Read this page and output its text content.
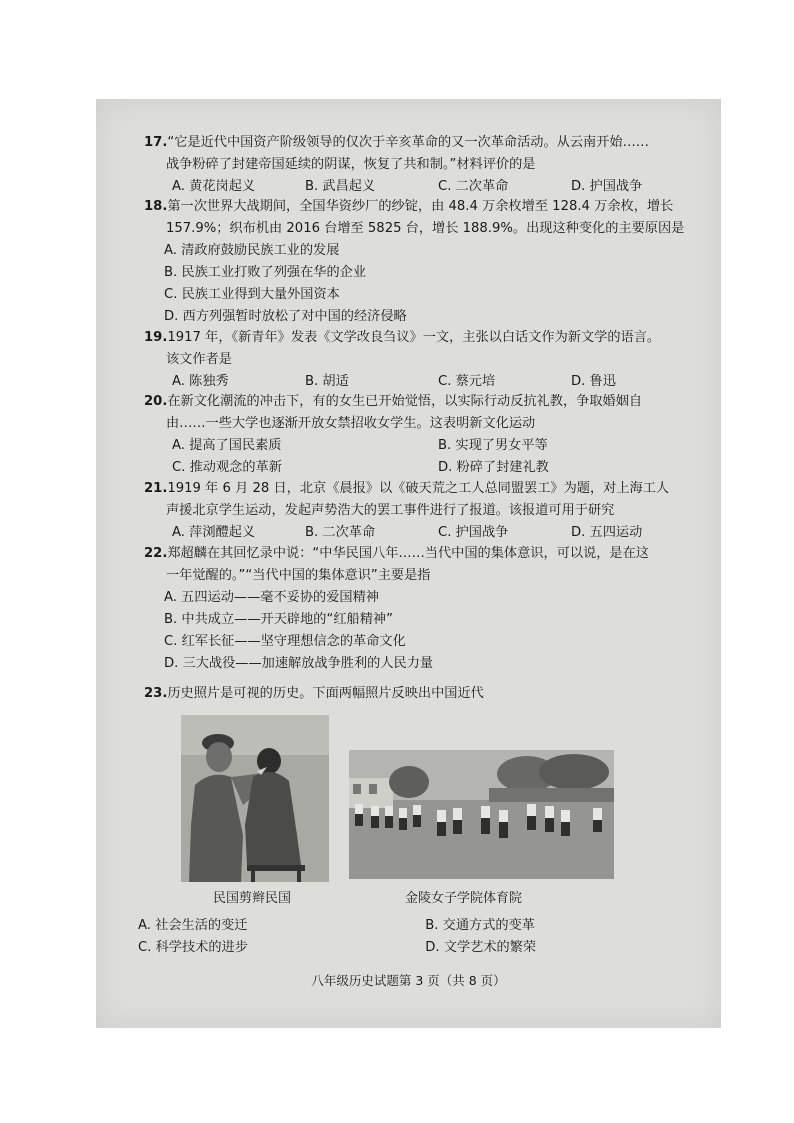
17.“它是近代中国资产阶级领导的仅次于辛亥革命的又一次革命活动。从云南开始……
战争粉碎了封建帝国延续的阴谋，恢复了共和制。”材料评价的是
A. 黄花岗起义	B. 武昌起义	C. 二次革命	D. 护国战争
18.第一次世界大战期间，全国华资纱厂的纱锭，由 48.4 万余枚增至 128.4 万余枚，增长
157.9%；织布机由 2016 台增至 5825 台，增长 188.9%。出现这种变化的主要原因是
A. 清政府鼓励民族工业的发展
B. 民族工业打败了列强在华的企业
C. 民族工业得到大量外国资本
D. 西方列强暂时放松了对中国的经济侵略
19.1917 年，《新青年》发表《文学改良刍议》一文，主张以白话文作为新文学的语言。
该文作者是
A. 陈独秀	B. 胡适	C. 蔡元培	D. 鲁迅
20.在新文化潮流的冲击下，有的女生已开始觉悟，以实际行动反抗礼教，争取婚姻自
由……一些大学也逐渐开放女禁招收女学生。这表明新文化运动
A. 提高了国民素质	B. 实现了男女平等
C. 推动观念的革新	D. 粉碎了封建礼教
21.1919 年 6 月 28 日，北京《晨报》以《破天荒之工人总同盟罢工》为题，对上海工人
声援北京学生运动，发起声势浩大的罢工事件进行了报道。该报道可用于研究
A. 萍浏醴起义	B. 二次革命	C. 护国战争	D. 五四运动
22.郑超麟在其回忆录中说：“中华民国八年……当代中国的集体意识，可以说，是在这
一年觉醒的。”“当代中国的集体意识”主要是指
A. 五四运动——毫不妥协的爱国精神
B. 中共成立——开天辟地的“红船精神”
C. 红军长征——坚守理想信念的革命文化
D. 三大战役——加速解放战争胜利的人民力量
23.历史照片是可视的历史。下面两幅照片反映出中国近代
民国剪辫民国	金陵女子学院体育院
A. 社会生活的变迁	B. 交通方式的变革
C. 科学技术的进步	D. 文学艺术的繁荣
八年级历史试题第 3 页（共 8 页）
